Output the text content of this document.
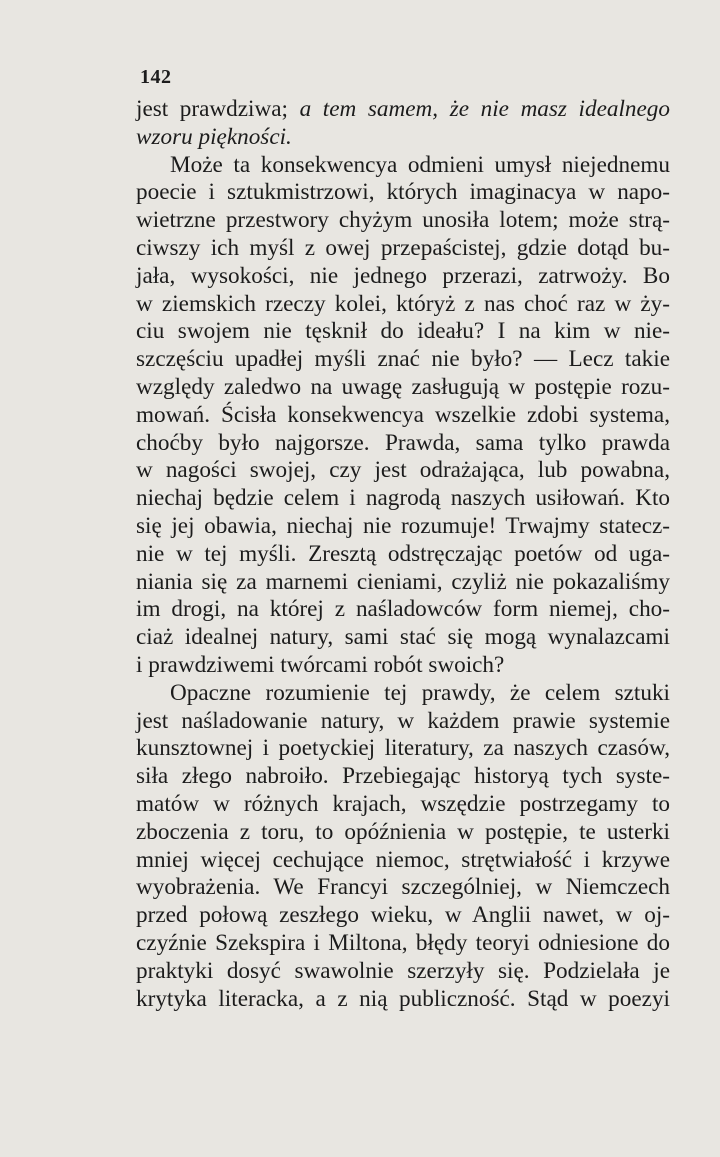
142
jest prawdziwa; a tem samem, że nie masz idealnego
wzoru piękności.
Może ta konsekwencya odmieni umysł niejednemu
poecie i sztukmistrzowi, których imaginacya w napo-
wietrzne przestwory chyżym unosiła lotem; może strą-
ciwszy ich myśl z owej przepaścistej, gdzie dotąd bu-
jała, wysokości, nie jednego przerazi, zatrwoży. Bo
w ziemskich rzeczy kolei, któryż z nas choć raz w ży-
ciu swojem nie tęsknił do ideału? I na kim w nie-
szczęściu upadłej myśli znać nie było? — Lecz takie
względy zaledwo na uwagę zasługują w postępie rozu-
mowań. Ścisła konsekwencya wszelkie zdobi systema,
choćby było najgorsze. Prawda, sama tylko prawda
w nagości swojej, czy jest odrażająca, lub powabna,
niechaj będzie celem i nagrodą naszych usiłowań. Kto
się jej obawia, niechaj nie rozumuje! Trwajmy statecz-
nie w tej myśli. Zresztą odstręczając poetów od uga-
niania się za marnemi cieniami, czyliż nie pokazaliśmy
im drogi, na której z naśladowców form niemej, cho-
ciaż idealnej natury, sami stać się mogą wynalazcami
i prawdziwemi twórcami robót swoich?
Opaczne rozumienie tej prawdy, że celem sztuki
jest naśladowanie natury, w każdem prawie systemie
kunsztownej i poetyckiej literatury, za naszych czasów,
siła złego nabroiło. Przebiegając historyą tych syste-
matów w różnych krajach, wszędzie postrzegamy to
zboczenia z toru, to opóźnienia w postępie, te usterki
mniej więcej cechujące niemoc, strętwiałość i krzywe
wyobrażenia. We Francyi szczególniej, w Niemczech
przed połową zeszłego wieku, w Anglii nawet, w oj-
czyźnie Szekspira i Miltona, błędy teoryi odniesione do
praktyki dosyć swawolnie szerzyły się. Podzielała je
krytyka literacka, a z nią publiczność. Stąd w poezyi
